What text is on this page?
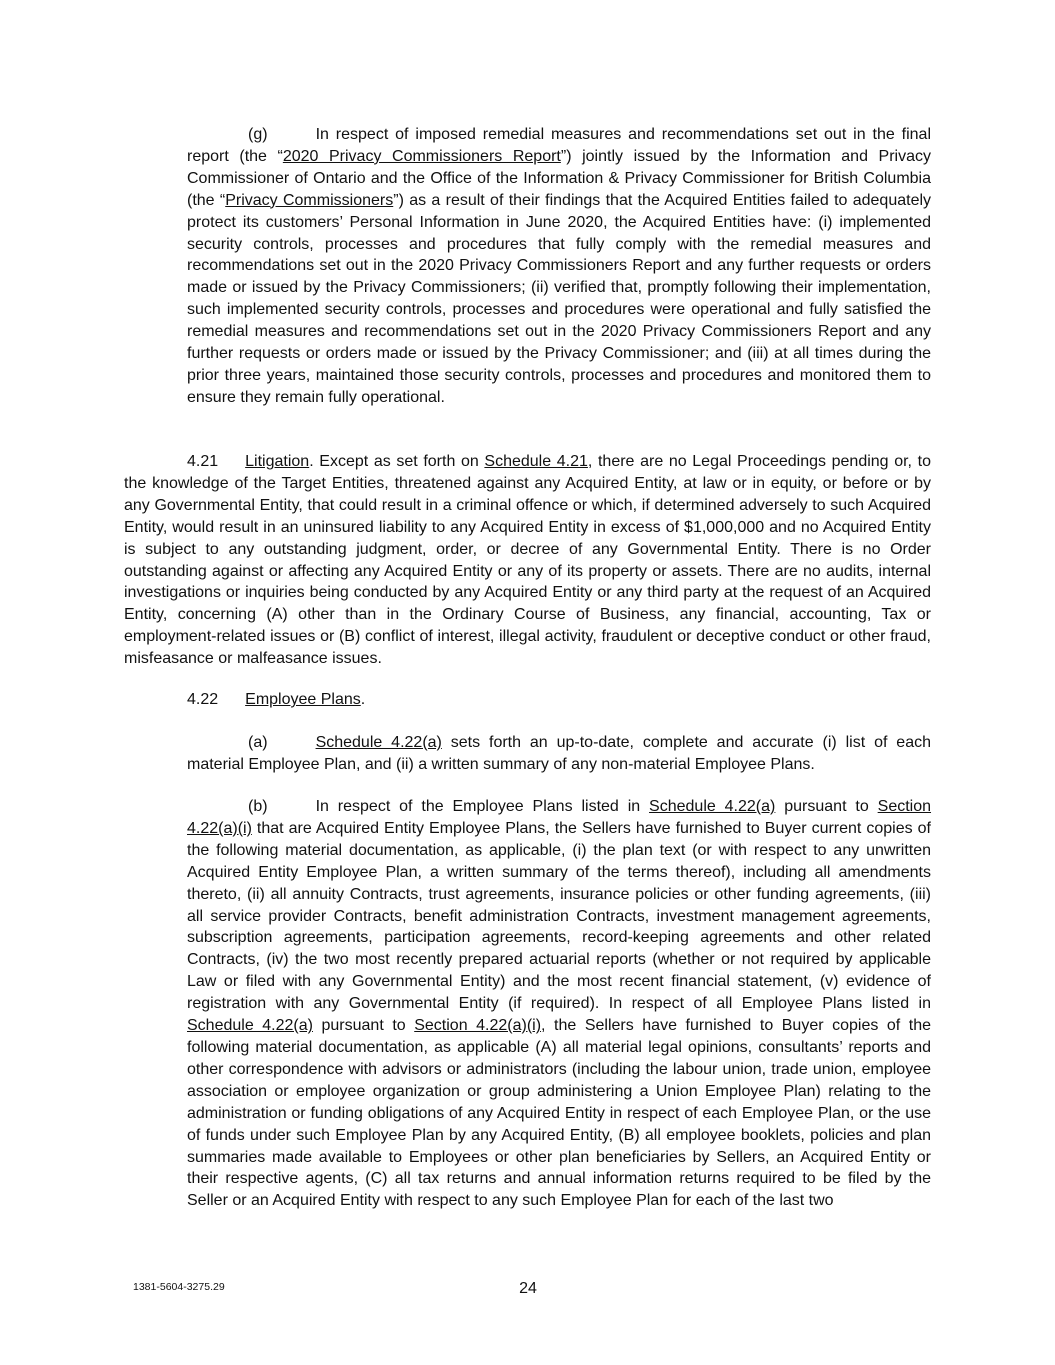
(g)	In respect of imposed remedial measures and recommendations set out in the final report (the “2020 Privacy Commissioners Report”) jointly issued by the Information and Privacy Commissioner of Ontario and the Office of the Information & Privacy Commissioner for British Columbia (the “Privacy Commissioners”) as a result of their findings that the Acquired Entities failed to adequately protect its customers’ Personal Information in June 2020, the Acquired Entities have: (i) implemented security controls, processes and procedures that fully comply with the remedial measures and recommendations set out in the 2020 Privacy Commissioners Report and any further requests or orders made or issued by the Privacy Commissioners; (ii) verified that, promptly following their implementation, such implemented security controls, processes and procedures were operational and fully satisfied the remedial measures and recommendations set out in the 2020 Privacy Commissioners Report and any further requests or orders made or issued by the Privacy Commissioner; and (iii) at all times during the prior three years, maintained those security controls, processes and procedures and monitored them to ensure they remain fully operational.

4.21 Litigation. Except as set forth on Schedule 4.21, there are no Legal Proceedings pending or, to the knowledge of the Target Entities, threatened against any Acquired Entity, at law or in equity, or before or by any Governmental Entity, that could result in a criminal offence or which, if determined adversely to such Acquired Entity, would result in an uninsured liability to any Acquired Entity in excess of $1,000,000 and no Acquired Entity is subject to any outstanding judgment, order, or decree of any Governmental Entity. There is no Order outstanding against or affecting any Acquired Entity or any of its property or assets. There are no audits, internal investigations or inquiries being conducted by any Acquired Entity or any third party at the request of an Acquired Entity, concerning (A) other than in the Ordinary Course of Business, any financial, accounting, Tax or employment-related issues or (B) conflict of interest, illegal activity, fraudulent or deceptive conduct or other fraud, misfeasance or malfeasance issues.

4.22 Employee Plans.

(a)	Schedule 4.22(a) sets forth an up-to-date, complete and accurate (i) list of each material Employee Plan, and (ii) a written summary of any non-material Employee Plans.

(b)	In respect of the Employee Plans listed in Schedule 4.22(a) pursuant to Section 4.22(a)(i) that are Acquired Entity Employee Plans, the Sellers have furnished to Buyer current copies of the following material documentation, as applicable, (i) the plan text (or with respect to any unwritten Acquired Entity Employee Plan, a written summary of the terms thereof), including all amendments thereto, (ii) all annuity Contracts, trust agreements, insurance policies or other funding agreements, (iii) all service provider Contracts, benefit administration Contracts, investment management agreements, subscription agreements, participation agreements, record-keeping agreements and other related Contracts, (iv) the two most recently prepared actuarial reports (whether or not required by applicable Law or filed with any Governmental Entity) and the most recent financial statement, (v) evidence of registration with any Governmental Entity (if required). In respect of all Employee Plans listed in Schedule 4.22(a) pursuant to Section 4.22(a)(i), the Sellers have furnished to Buyer copies of the following material documentation, as applicable (A) all material legal opinions, consultants’ reports and other correspondence with advisors or administrators (including the labour union, trade union, employee association or employee organization or group administering a Union Employee Plan) relating to the administration or funding obligations of any Acquired Entity in respect of each Employee Plan, or the use of funds under such Employee Plan by any Acquired Entity, (B) all employee booklets, policies and plan summaries made available to Employees or other plan beneficiaries by Sellers, an Acquired Entity or their respective agents, (C) all tax returns and annual information returns required to be filed by the Seller or an Acquired Entity with respect to any such Employee Plan for each of the last two

1381-5604-3275.29	24
